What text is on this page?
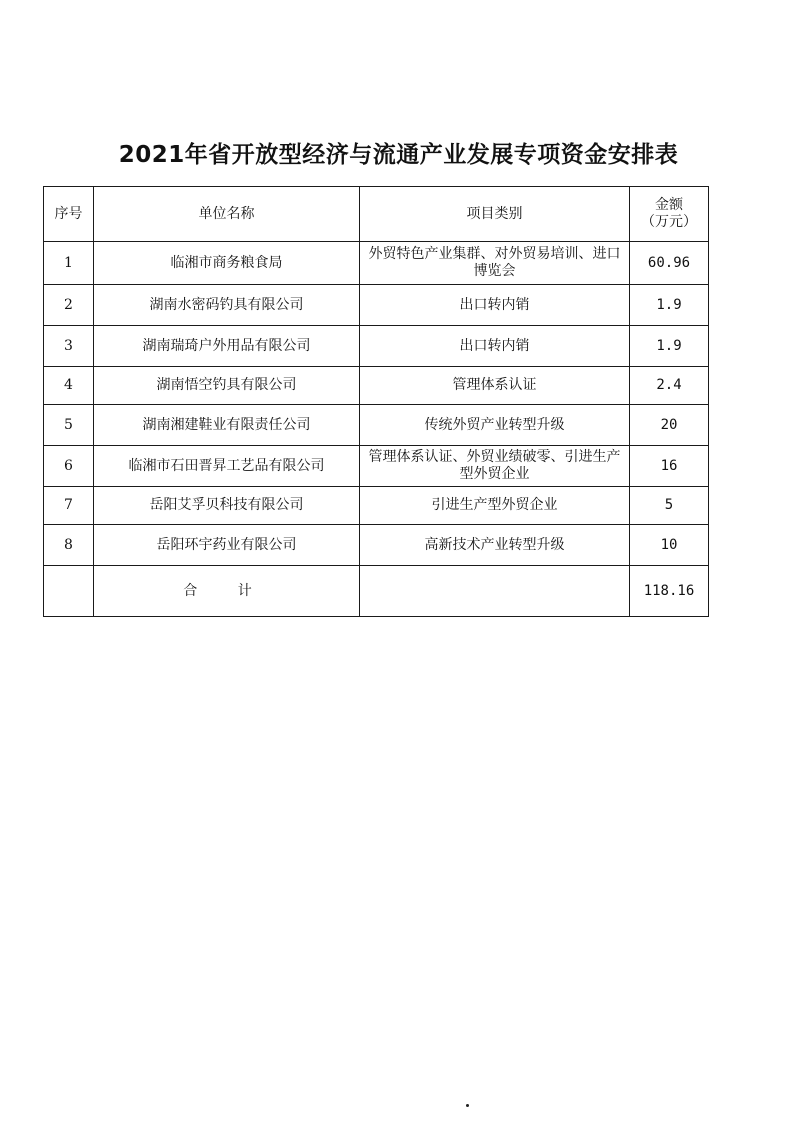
2021年省开放型经济与流通产业发展专项资金安排表
序号	单位名称	项目类别	金额
（万元）
1	临湘市商务粮食局	外贸特色产业集群、对外贸易培训、进口博览会	60.96
2	湖南水密码钓具有限公司	出口转内销	1.9
3	湖南瑞琦户外用品有限公司	出口转内销	1.9
4	湖南悟空钓具有限公司	管理体系认证	2.4
5	湖南湘建鞋业有限责任公司	传统外贸产业转型升级	20
6	临湘市石田晋昇工艺品有限公司	管理体系认证、外贸业绩破零、引进生产型外贸企业	16
7	岳阳艾孚贝科技有限公司	引进生产型外贸企业	5
8	岳阳环宇药业有限公司	高新技术产业转型升级	10
	合 计		118.16
